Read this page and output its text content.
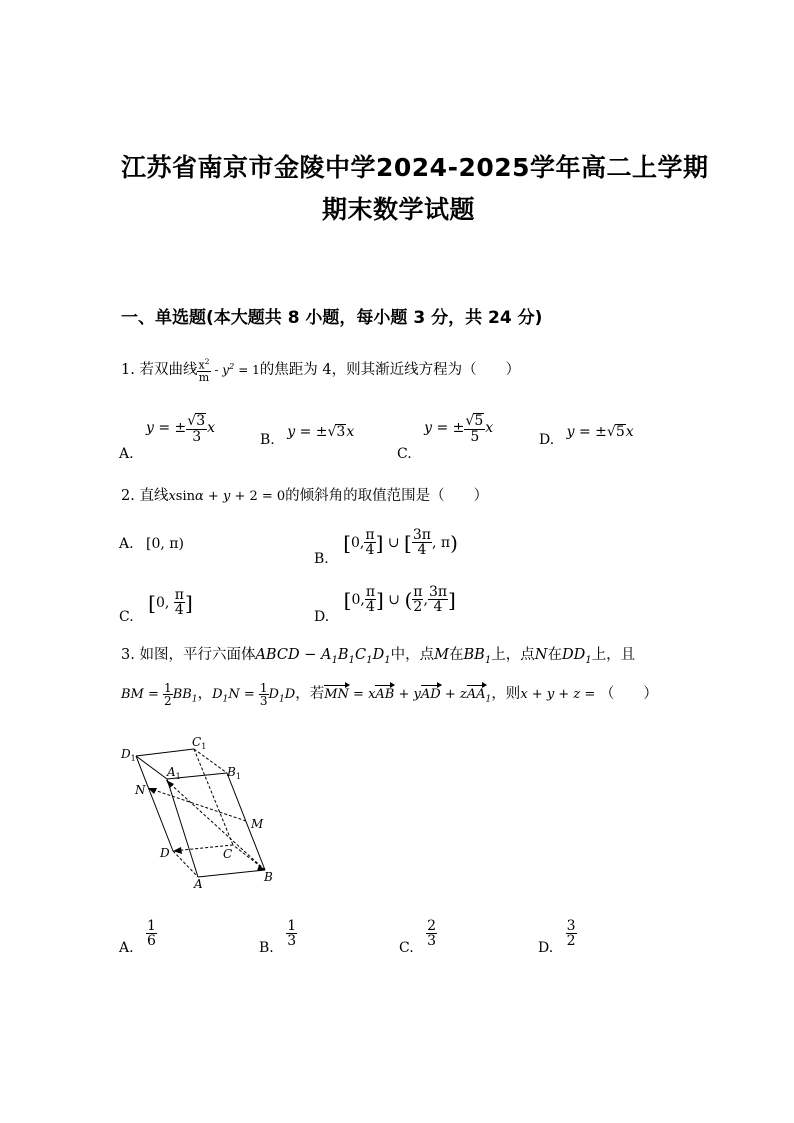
江苏省南京市金陵中学2024-2025学年高二上学期
期末数学试题
一、单选题(本大题共 8 小题，每小题 3 分，共 24 分)
1. 若双曲线 $\frac{x^2}{m} - y^2 = 1$的焦距为 4，则其渐近线方程为（　　）
A. y = ± $\frac{√3}{3}$ x
B. y = ±√3x
C. y = ± $\frac{√5}{5}$ x
D. y = ±√5x
2. 直线xsinα + y + 2 = 0的倾斜角的取值范围是（　　）
A. [0, π)
B. [0, $\frac{\pi}{4}$ ] ∪ [ $\frac{3\pi}{4}$ , π)
C. [0, $\frac{\pi}{4}$ ]
D. [0, $\frac{\pi}{4}$ ] ∪ ( $\frac{\pi}{2}$ , $\frac{3\pi}{4}$ ]
3. 如图，平行六面体ABCD − $A_1B_1C_1D_1$中，点M在$BB_1$上，点N在$DD_1$上，且
BM = $\frac{1}{2} BB_1$，$D_1N = \frac{1}{3} D_1D$，若MN = xAB + yAD + zAA$_1$，则x + y + z = （　　）
$D_1$
$C_1$
$A_1$	$B_1$
N
M
D	C
A	B
A. $\frac{1}{6}$	B. $\frac{1}{3}$	C. $\frac{2}{3}$	D. $\frac{3}{2}$
